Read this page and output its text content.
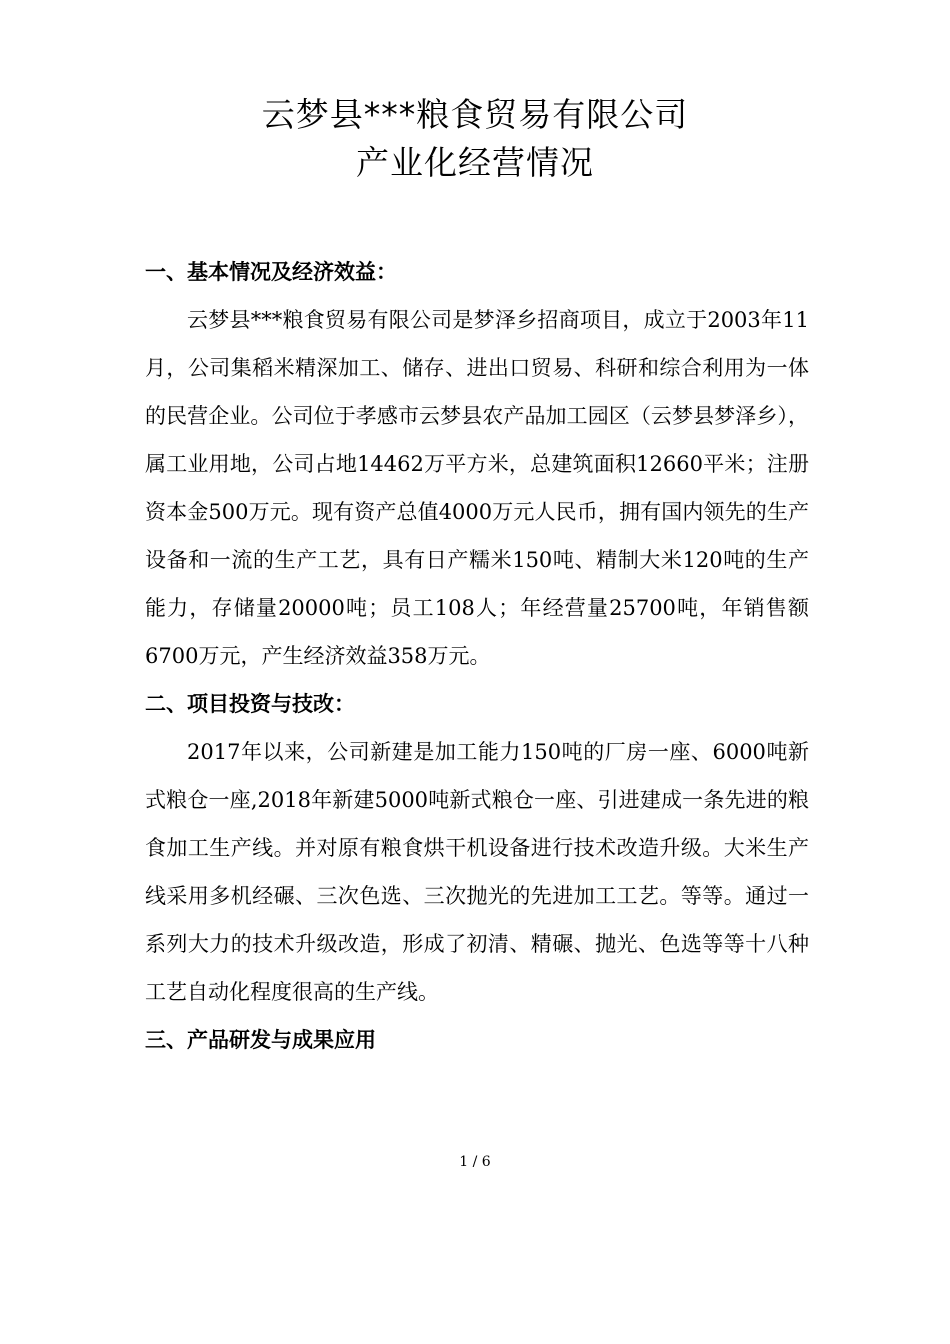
云梦县***粮食贸易有限公司
产业化经营情况
一、基本情况及经济效益：

云梦县***粮食贸易有限公司是梦泽乡招商项目，成立于2003年11月，公司集稻米精深加工、储存、进出口贸易、科研和综合利用为一体的民营企业。公司位于孝感市云梦县农产品加工园区（云梦县梦泽乡），属工业用地，公司占地14462万平方米，总建筑面积12660平米；注册资本金500万元。现有资产总值4000万元人民币，拥有国内领先的生产设备和一流的生产工艺，具有日产糯米150吨、精制大米120吨的生产能力，存储量20000吨；员工108人；年经营量25700吨，年销售额6700万元，产生经济效益358万元。

二、项目投资与技改：

2017年以来，公司新建是加工能力150吨的厂房一座、6000吨新式粮仓一座,2018年新建5000吨新式粮仓一座、引进建成一条先进的粮食加工生产线。并对原有粮食烘干机设备进行技术改造升级。大米生产线采用多机经碾、三次色选、三次抛光的先进加工工艺。等等。通过一系列大力的技术升级改造，形成了初清、精碾、抛光、色选等等十八种工艺自动化程度很高的生产线。

三、产品研发与成果应用
1 / 6
